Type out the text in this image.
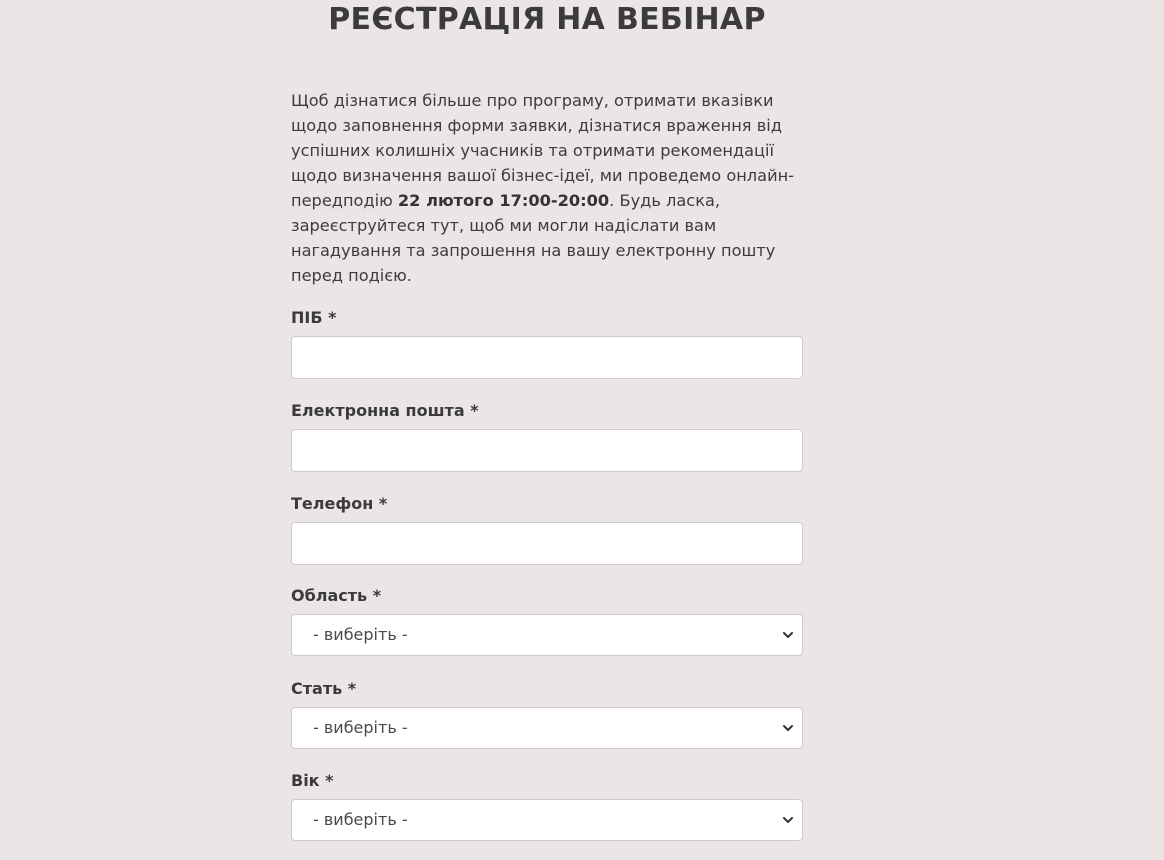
РЕЄСТРАЦІЯ НА ВЕБІНАР

Щоб дізнатися більше про програму, отримати вказівки щодо заповнення форми заявки, дізнатися враження від успішних колишніх учасників та отримати рекомендації щодо визначення вашої бізнес-ідеї, ми проведемо онлайн-передподію 22 лютого 17:00-20:00. Будь ласка, зареєструйтеся тут, щоб ми могли надіслати вам нагадування та запрошення на вашу електронну пошту перед подією.

ПІБ *
Електронна пошта *
Телефон *
Область *
- виберіть -
Стать *
- виберіть -
Вік *
- виберіть -
